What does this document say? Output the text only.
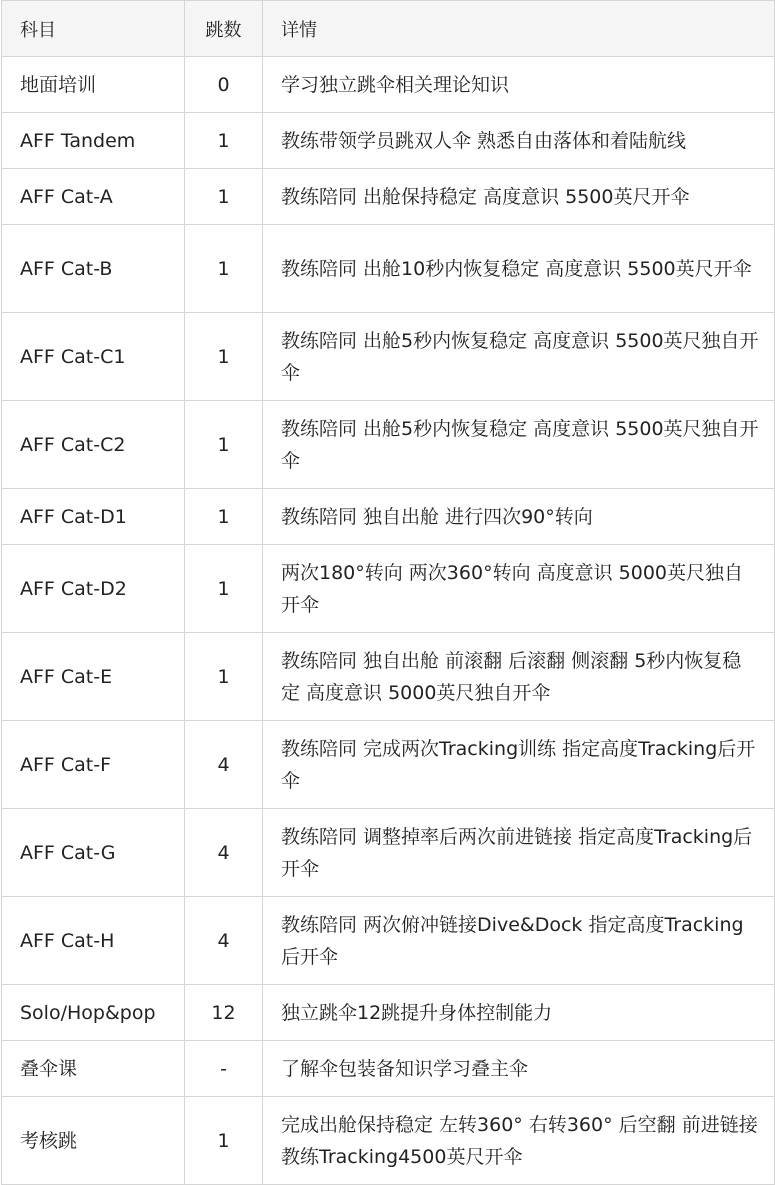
科目	跳数	详情
地面培训	0	学习独立跳伞相关理论知识
AFF Tandem	1	教练带领学员跳双人伞 熟悉自由落体和着陆航线
AFF Cat-A	1	教练陪同 出舱保持稳定 高度意识 5500英尺开伞
AFF Cat-B	1	教练陪同 出舱10秒内恢复稳定 高度意识 5500英尺开伞
AFF Cat-C1	1	教练陪同 出舱5秒内恢复稳定 高度意识 5500英尺独自开伞
AFF Cat-C2	1	教练陪同 出舱5秒内恢复稳定 高度意识 5500英尺独自开伞
AFF Cat-D1	1	教练陪同 独自出舱 进行四次90°转向
AFF Cat-D2	1	两次180°转向 两次360°转向 高度意识 5000英尺独自开伞
AFF Cat-E	1	教练陪同 独自出舱 前滚翻 后滚翻 侧滚翻 5秒内恢复稳定 高度意识 5000英尺独自开伞
AFF Cat-F	4	教练陪同 完成两次Tracking训练 指定高度Tracking后开伞
AFF Cat-G	4	教练陪同 调整掉率后两次前进链接 指定高度Tracking后开伞
AFF Cat-H	4	教练陪同 两次俯冲链接Dive&Dock 指定高度Tracking后开伞
Solo/Hop&pop	12	独立跳伞12跳提升身体控制能力
叠伞课	-	了解伞包装备知识学习叠主伞
考核跳	1	完成出舱保持稳定 左转360° 右转360° 后空翻 前进链接 教练Tracking4500英尺开伞
